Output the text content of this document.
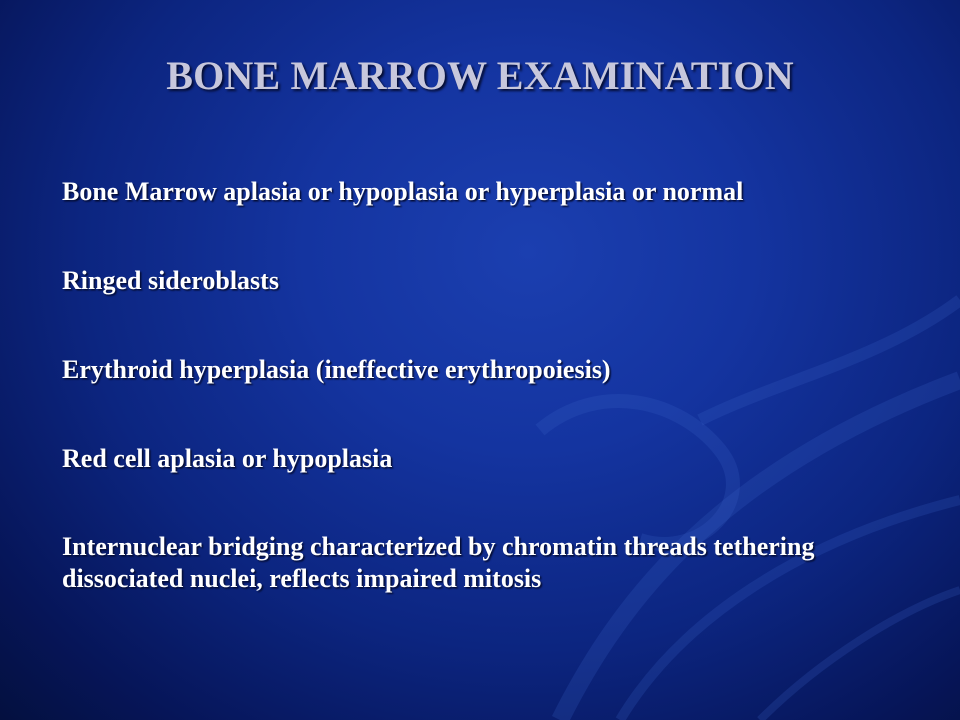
BONE MARROW EXAMINATION
Bone Marrow aplasia or hypoplasia or hyperplasia or normal
Ringed sideroblasts
Erythroid hyperplasia (ineffective erythropoiesis)
Red cell aplasia or hypoplasia
Internuclear bridging characterized by chromatin threads tethering dissociated nuclei, reflects impaired mitosis
